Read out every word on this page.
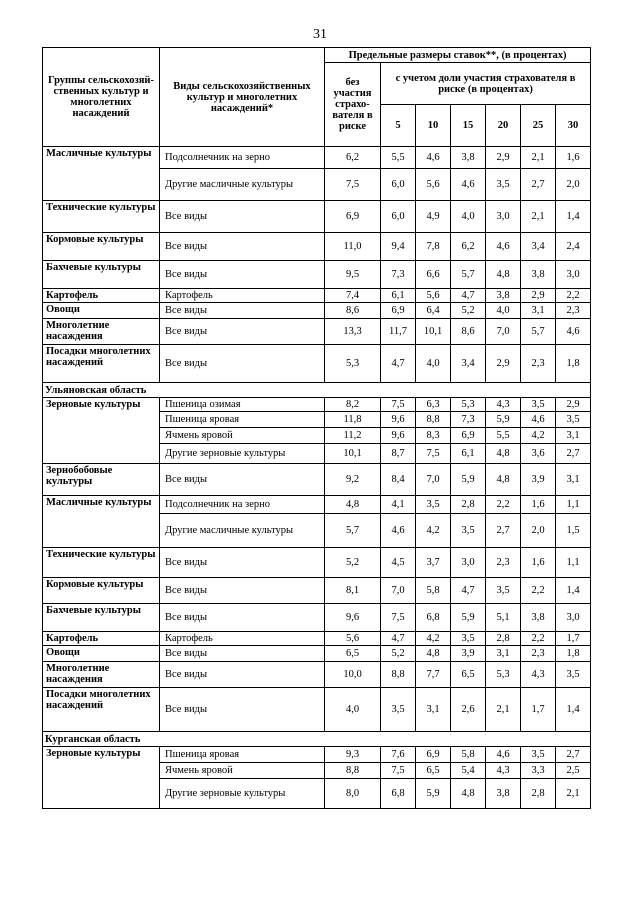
31
Группы сельскохозяй-ственных культур и многолетних насаждений	Виды сельскохозяйственных культур и многолетних насаждений*	Предельные размеры ставок**, (в процентах)						
		без участия страхо-вателя в риске	с учетом доли участия страхователя в риске (в процентах)					
			5	10	15	20	25	30
Масличные культуры	Подсолнечник на зерно	6,2	5,5	4,6	3,8	2,9	2,1	1,6
	Другие масличные культуры	7,5	6,0	5,6	4,6	3,5	2,7	2,0
Технические культуры	Все виды	6,9	6,0	4,9	4,0	3,0	2,1	1,4
Кормовые культуры	Все виды	11,0	9,4	7,8	6,2	4,6	3,4	2,4
Бахчевые культуры	Все виды	9,5	7,3	6,6	5,7	4,8	3,8	3,0
Картофель	Картофель	7,4	6,1	5,6	4,7	3,8	2,9	2,2
Овощи	Все виды	8,6	6,9	6,4	5,2	4,0	3,1	2,3
Многолетние насаждения	Все виды	13,3	11,7	10,1	8,6	7,0	5,7	4,6
Посадки многолетних насаждений	Все виды	5,3	4,7	4,0	3,4	2,9	2,3	1,8
Ульяновская область								
Зерновые культуры	Пшеница озимая	8,2	7,5	6,3	5,3	4,3	3,5	2,9
	Пшеница яровая	11,8	9,6	8,8	7,3	5,9	4,6	3,5
	Ячмень яровой	11,2	9,6	8,3	6,9	5,5	4,2	3,1
	Другие зерновые культуры	10,1	8,7	7,5	6,1	4,8	3,6	2,7
Зернобобовые культуры	Все виды	9,2	8,4	7,0	5,9	4,8	3,9	3,1
Масличные культуры	Подсолнечник на зерно	4,8	4,1	3,5	2,8	2,2	1,6	1,1
	Другие масличные культуры	5,7	4,6	4,2	3,5	2,7	2,0	1,5
Технические культуры	Все виды	5,2	4,5	3,7	3,0	2,3	1,6	1,1
Кормовые культуры	Все виды	8,1	7,0	5,8	4,7	3,5	2,2	1,4
Бахчевые культуры	Все виды	9,6	7,5	6,8	5,9	5,1	3,8	3,0
Картофель	Картофель	5,6	4,7	4,2	3,5	2,8	2,2	1,7
Овощи	Все виды	6,5	5,2	4,8	3,9	3,1	2,3	1,8
Многолетние насаждения	Все виды	10,0	8,8	7,7	6,5	5,3	4,3	3,5
Посадки многолетних насаждений	Все виды	4,0	3,5	3,1	2,6	2,1	1,7	1,4
Курганская область								
Зерновые культуры	Пшеница яровая	9,3	7,6	6,9	5,8	4,6	3,5	2,7
	Ячмень яровой	8,8	7,5	6,5	5,4	4,3	3,3	2,5
	Другие зерновые культуры	8,0	6,8	5,9	4,8	3,8	2,8	2,1
